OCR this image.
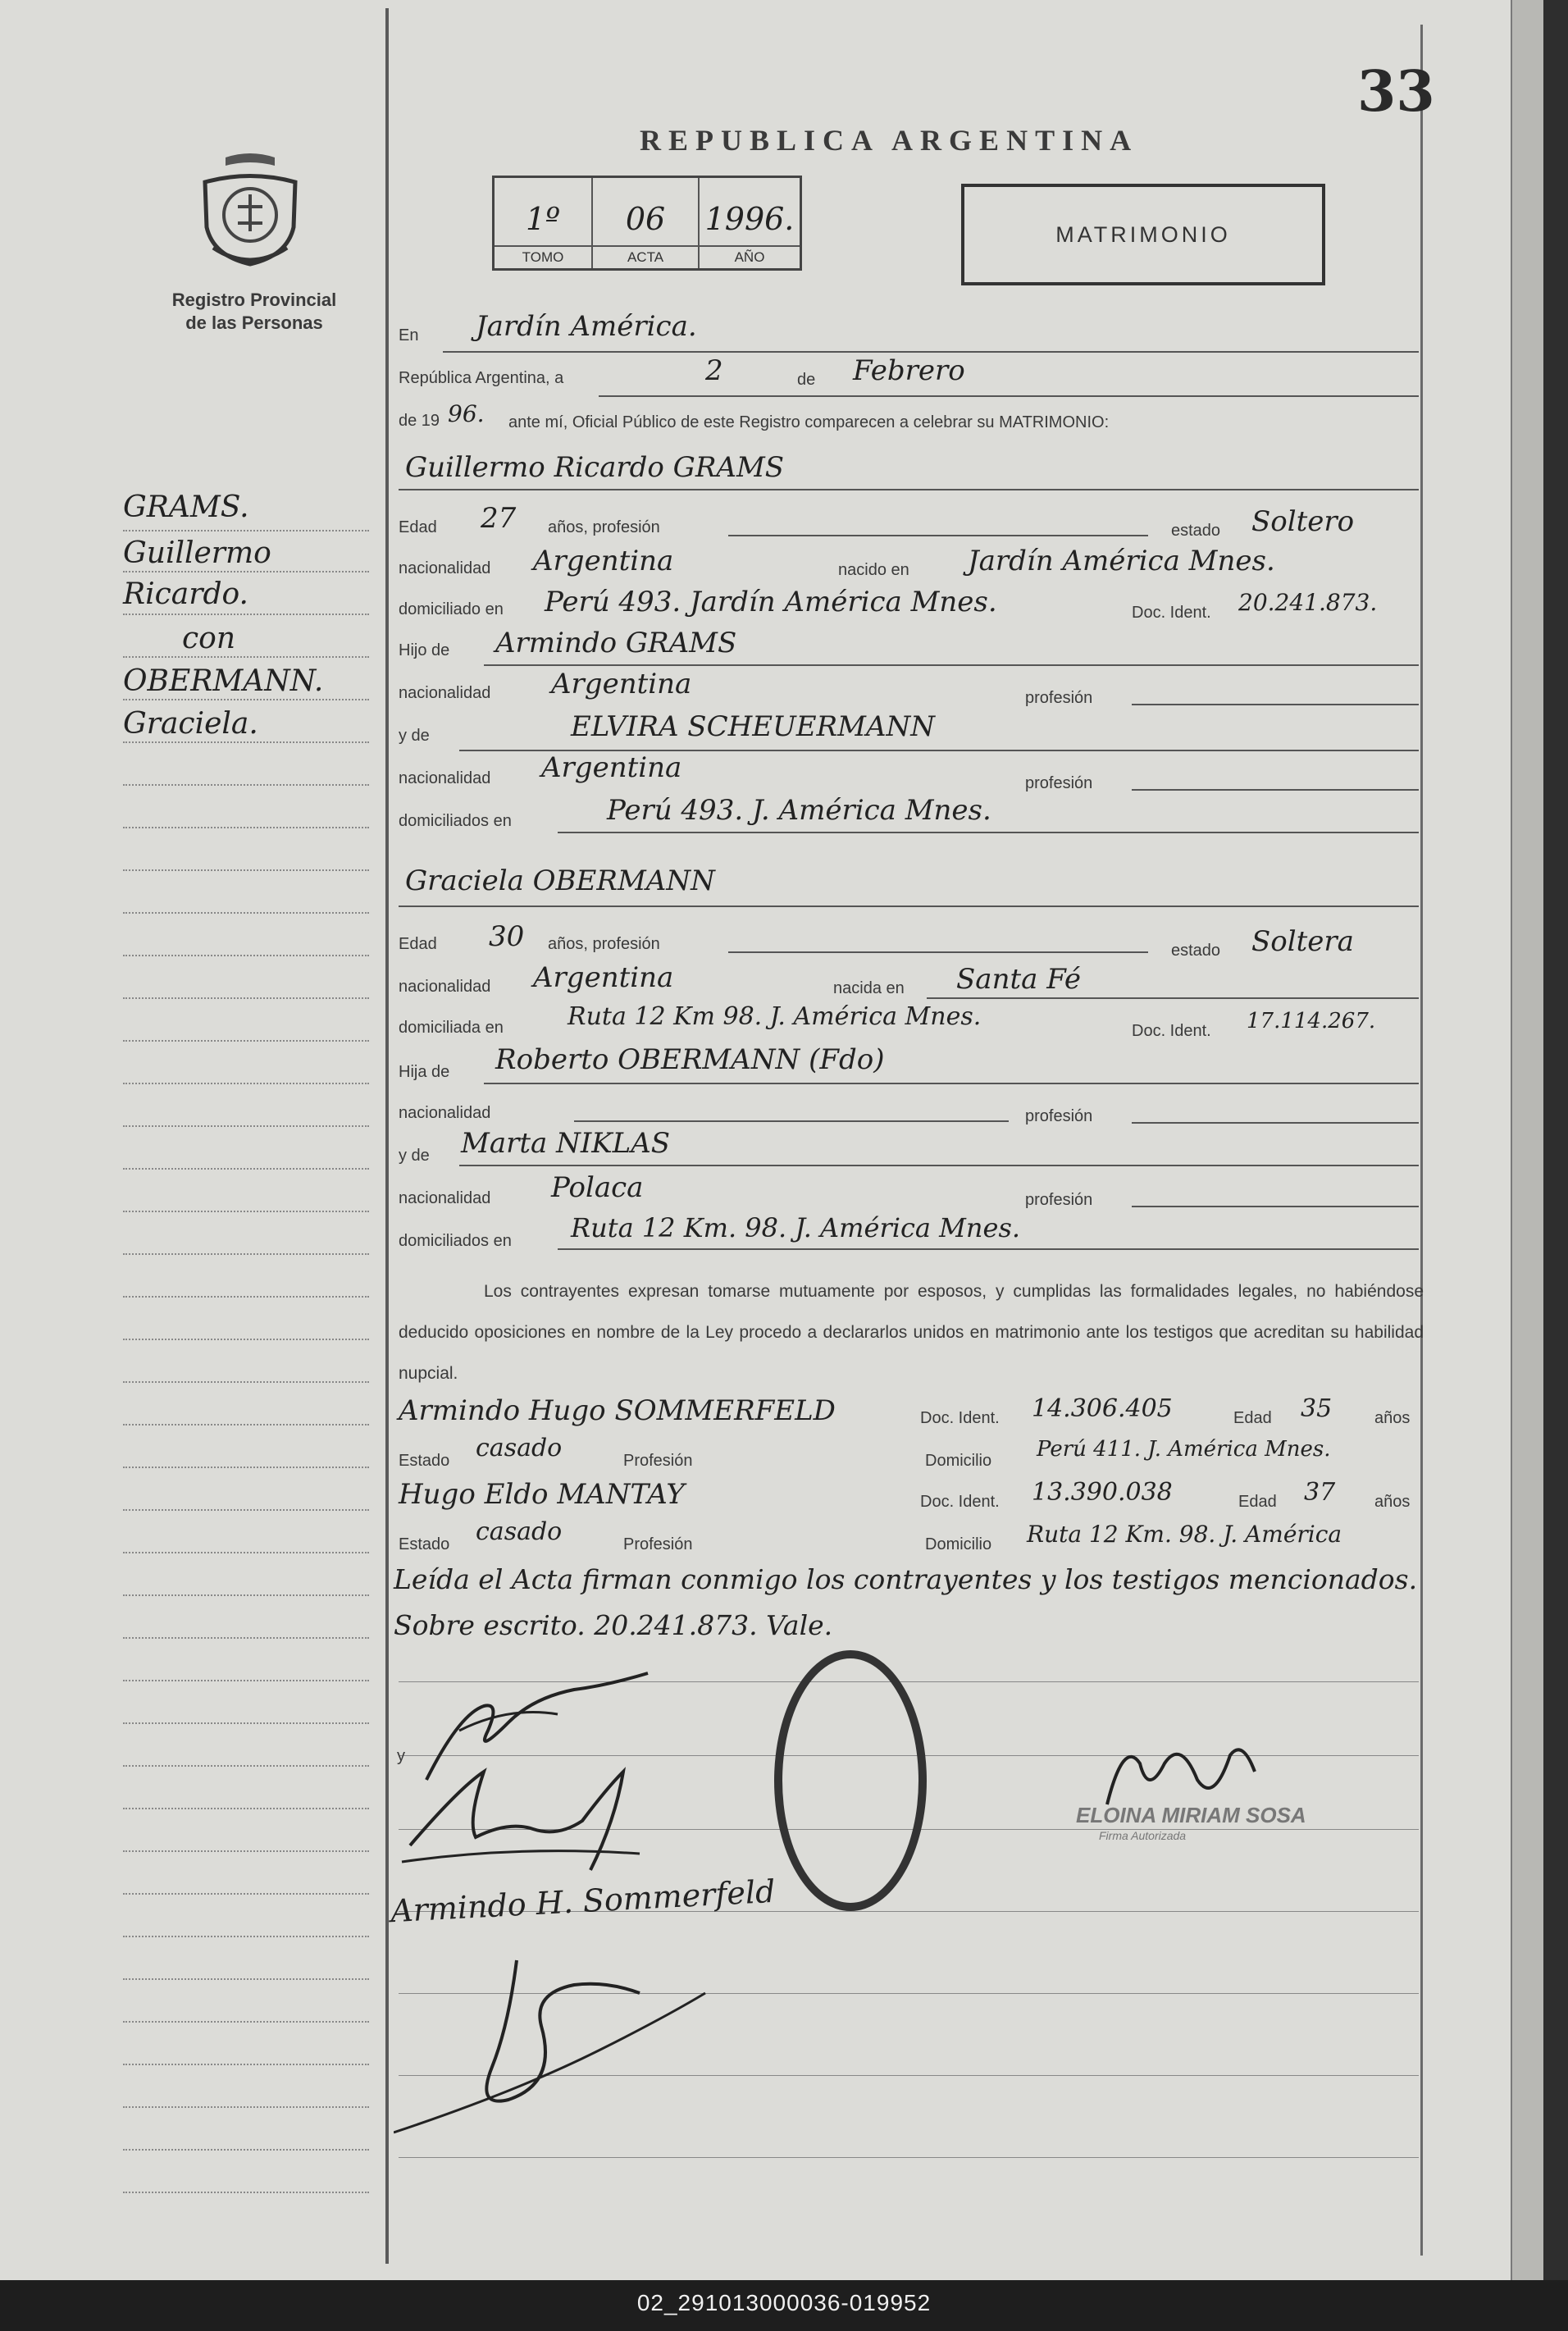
33
REPUBLICA ARGENTINA
Registro Provincial
de las Personas
1º
TOMO
06
ACTA
1996.
AÑO
MATRIMONIO
En Jardín América.
República Argentina, a	2	de Febrero
de 19 96. ante mí, Oficial Público de este Registro comparecen a celebrar su MATRIMONIO:
Guillermo Ricardo GRAMS
Edad 27 años, profesión	estado Soltero
nacionalidad Argentina	nacido en Jardín América Mnes.
domiciliado en Perú 493. Jardín América Mnes.	Doc. Ident. 20.241.873.
Hijo de Armindo GRAMS
nacionalidad Argentina	profesión
y de	ELVIRA SCHEUERMANN
nacionalidad Argentina	profesión
domiciliados en	Perú 493. J. América Mnes.
Graciela OBERMANN
Edad 30 años, profesión	estado Soltera
nacionalidad Argentina	nacida en Santa Fé
domiciliada en	Ruta 12 Km 98. J. América Mnes.	Doc. Ident. 17.114.267.
Hija de Roberto OBERMANN (Fdo)
nacionalidad	profesión
y de Marta NIKLAS
nacionalidad Polaca	profesión
domiciliados en Ruta 12 Km. 98. J. América Mnes.
Los contrayentes expresan tomarse mutuamente por esposos, y cumplidas las formalidades legales, no habiéndose deducido oposiciones en nombre de la Ley procedo a declararlos unidos en matrimonio ante los testigos que acreditan su habilidad nupcial.
Armindo Hugo SOMMERFELD	Doc. Ident. 14.306.405	Edad 35	años
Estado casado	Profesión	Domicilio Perú 411. J. América Mnes.
Hugo Eldo MANTAY	Doc. Ident. 13.390.038	Edad 37 años
Estado casado	Profesión	Domicilio Ruta 12 Km. 98. J. América
Leída el Acta firman conmigo los contrayentes y los testigos mencionados. Sobre escrito. 20.241.873. Vale.
y
Armindo H. Sommerfeld
ELOINA MIRIAM SOSA
Firma Autorizada
GRAMS.
Guillermo
Ricardo.
con
OBERMANN.
Graciela.
02_291013000036-019952
